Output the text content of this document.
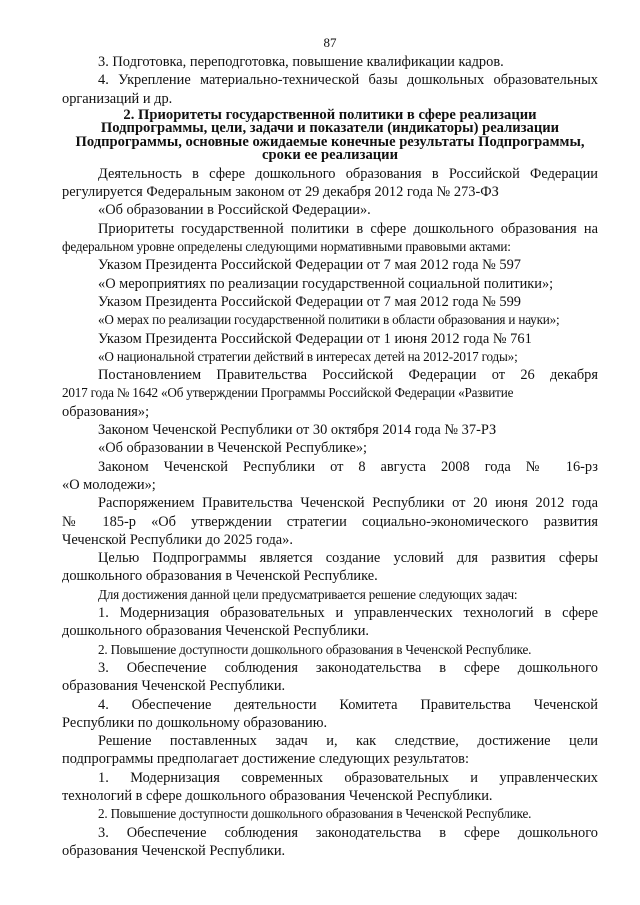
87
3. Подготовка, переподготовка, повышение квалификации кадров.
4. Укрепление материально-технической базы дошкольных образовательных
организаций и др.
2. Приоритеты государственной политики в сфере реализации
Подпрограммы, цели, задачи и показатели (индикаторы) реализации
Подпрограммы, основные ожидаемые конечные результаты Подпрограммы,
сроки ее реализации
Деятельность в сфере дошкольного образования в Российской Федерации
регулируется Федеральным законом от 29 декабря 2012 года № 273-ФЗ
«Об образовании в Российской Федерации».
Приоритеты государственной политики в сфере дошкольного образования на
федеральном уровне определены следующими нормативными правовыми актами:
Указом Президента Российской Федерации от 7 мая 2012 года № 597
«О мероприятиях по реализации государственной социальной политики»;
Указом Президента Российской Федерации от 7 мая 2012 года № 599
«О мерах по реализации государственной политики в области образования и науки»;
Указом Президента Российской Федерации от 1 июня 2012 года № 761
«О национальной стратегии действий в интересах детей на 2012-2017 годы»;
Постановлением Правительства Российской Федерации от 26 декабря
2017 года № 1642 «Об утверждении Программы Российской Федерации «Развитие
образования»;
Законом Чеченской Республики от 30 октября 2014 года № 37-РЗ
«Об образовании в Чеченской Республике»;
Законом Чеченской Республики от 8 августа 2008 года № 16-рз
«О молодежи»;
Распоряжением Правительства Чеченской Республики от 20 июня 2012 года
№ 185-р «Об утверждении стратегии социально-экономического развития
Чеченской Республики до 2025 года».
Целью Подпрограммы является создание условий для развития сферы
дошкольного образования в Чеченской Республике.
Для достижения данной цели предусматривается решение следующих задач:
1. Модернизация образовательных и управленческих технологий в сфере
дошкольного образования Чеченской Республики.
2. Повышение доступности дошкольного образования в Чеченской Республике.
3. Обеспечение соблюдения законодательства в сфере дошкольного
образования Чеченской Республики.
4. Обеспечение деятельности Комитета Правительства Чеченской
Республики по дошкольному образованию.
Решение поставленных задач и, как следствие, достижение цели
подпрограммы предполагает достижение следующих результатов:
1. Модернизация современных образовательных и управленческих
технологий в сфере дошкольного образования Чеченской Республики.
2. Повышение доступности дошкольного образования в Чеченской Республике.
3. Обеспечение соблюдения законодательства в сфере дошкольного
образования Чеченской Республики.
